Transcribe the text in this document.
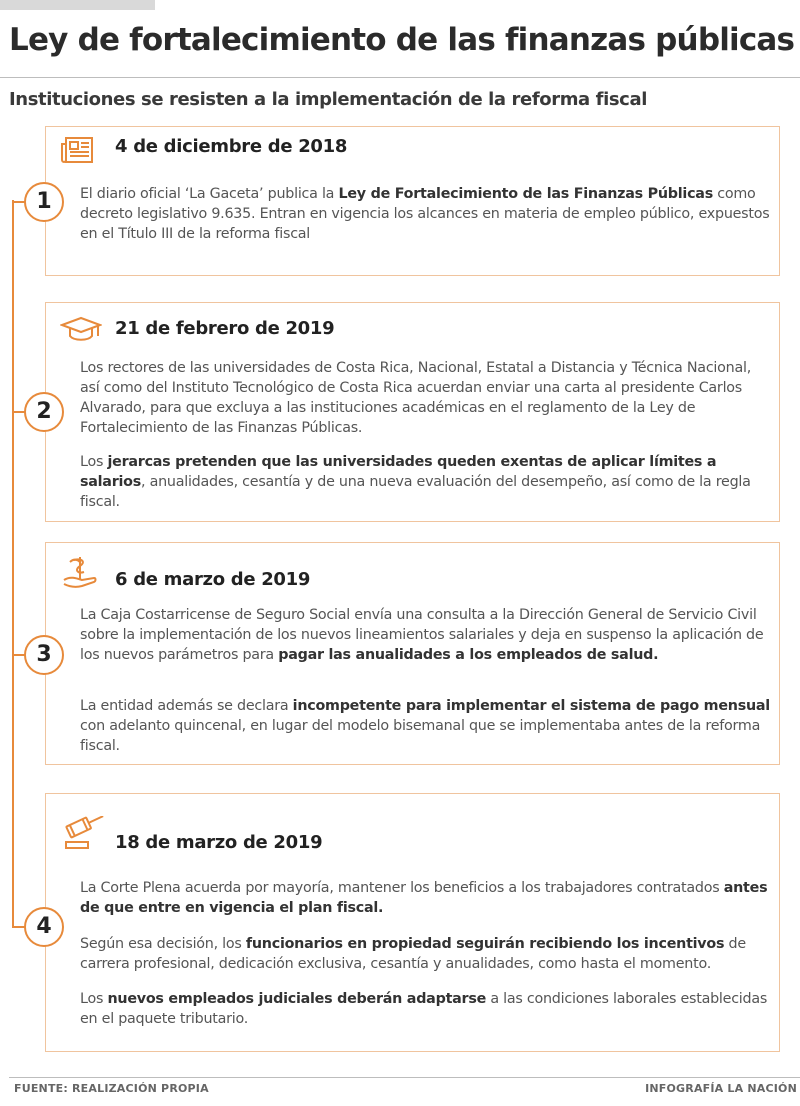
Ley de fortalecimiento de las finanzas públicas
Instituciones se resisten a la implementación de la reforma fiscal
4 de diciembre de 2018
1	El diario oficial ‘La Gaceta’ publica la Ley de Fortalecimiento de las Finanzas Públicas como decreto legislativo 9.635. Entran en vigencia los alcances en materia de empleo público, expuestos en el Título III de la reforma fiscal

21 de febrero de 2019
2

Los rectores de las universidades de Costa Rica, Nacional, Estatal a Distancia y Técnica Nacional, así como del Instituto Tecnológico de Costa Rica acuerdan enviar una carta al presidente Carlos Alvarado, para que excluya a las instituciones académicas en el reglamento de la Ley de Fortalecimiento de las Finanzas Públicas.

Los jerarcas pretenden que las universidades queden exentas de aplicar límites a salarios, anualidades, cesantía y de una nueva evaluación del desempeño, así como de la regla fiscal.

6 de marzo de 2019
3

La Caja Costarricense de Seguro Social envía una consulta a la Dirección General de Servicio Civil sobre la implementación de los nuevos lineamientos salariales y deja en suspenso la aplicación de los nuevos parámetros para pagar las anualidades a los empleados de salud.

La entidad además se declara incompetente para implementar el sistema de pago mensual con adelanto quincenal, en lugar del modelo bisemanal que se implementaba antes de la reforma fiscal.

18 de marzo de 2019
4

La Corte Plena acuerda por mayoría, mantener los beneficios a los trabajadores contratados antes de que entre en vigencia el plan fiscal.

Según esa decisión, los funcionarios en propiedad seguirán recibiendo los incentivos de carrera profesional, dedicación exclusiva, cesantía y anualidades, como hasta el momento.

Los nuevos empleados judiciales deberán adaptarse a las condiciones laborales establecidas en el paquete tributario.

FUENTE: REALIZACIÓN PROPIA	INFOGRAFÍA LA NACIÓN
